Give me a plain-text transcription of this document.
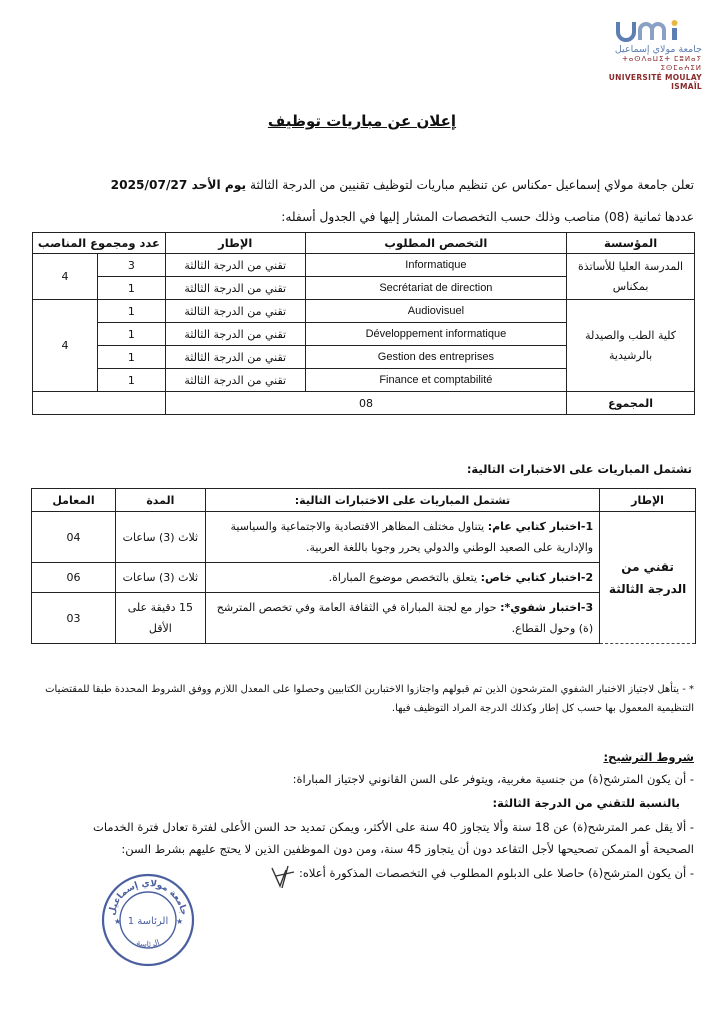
umi
جامعة مولاي إسماعيل
ⵜⴰⵙⴷⴰⵡⵉⵜ ⵎⵓⵍⴰⵢ ⵉⵙⵎⴰⵄⵉⵍ
UNIVERSITÉ MOULAY ISMAÏL
إعلان عن مباريات توظيف
تعلن جامعة مولاي إسماعيل -مكناس عن تنظيم مباريات لتوظيف تقنيين من الدرجة الثالثة يوم الأحد 2025/07/27
عددها ثمانية (08) مناصب وذلك حسب التخصصات المشار إليها في الجدول أسفله:
المؤسسة	التخصص المطلوب	الإطار	عدد ومجموع المناصب	
المدرسة العليا للأساتذة بمكناس	Informatique	تقني من الدرجة الثالثة	3	4
	Secrétariat de direction	تقني من الدرجة الثالثة	1	
كلية الطب والصيدلة بالرشيدية	Audiovisuel	تقني من الدرجة الثالثة	1	4
	Développement informatique	تقني من الدرجة الثالثة	1	
	Gestion des entreprises	تقني من الدرجة الثالثة	1	
	Finance et comptabilité	تقني من الدرجة الثالثة	1	
المجموع	08			
تشتمل المباريات على الاختبارات التالية:
الإطار	تشتمل المباريات على الاختبارات التالية:	المدة	المعامل
تقني من الدرجة الثالثة	1-اختبار كتابي عام: يتناول مختلف المظاهر الاقتصادية والاجتماعية والسياسية والإدارية على الصعيد الوطني والدولي يحرر وجوبا باللغة العربية.	ثلاث (3) ساعات	04
	2-اختبار كتابي خاص: يتعلق بالتخصص موضوع المباراة.	ثلاث (3) ساعات	06
	3-اختبار شفوي*: حوار مع لجنة المباراة في الثقافة العامة وفي تخصص المترشح (ة) وحول القطاع.	15 دقيقة على الأقل	03
* - يتأهل لاجتياز الاختبار الشفوي المترشحون الذين تم قبولهم واجتازوا الاختبارين الكتابيين وحصلوا على المعدل اللازم ووفق الشروط المحددة طبقا للمقتضيات التنظيمية المعمول بها حسب كل إطار وكذلك الدرجة المراد التوظيف فيها.
شروط الترشيح:
- أن يكون المترشح(ة) من جنسية مغربية، ويتوفر على السن القانوني لاجتياز المباراة:
بالنسبة للتقني من الدرجة الثالثة:
- ألا يقل عمر المترشح(ة) عن 18 سنة وألا يتجاوز 40 سنة على الأكثر، ويمكن تمديد حد السن الأعلى لفترة تعادل فترة الخدمات
الصحيحة أو الممكن تصحيحها لأجل التقاعد دون أن يتجاوز 45 سنة، ومن دون الموظفين الذين لا يحتج عليهم بشرط السن:
- أن يكون المترشح(ة) حاصلا على الدبلوم المطلوب في التخصصات المذكورة أعلاه:
جامعة مولاي إسماعيل
الرئاسة 1
الرئاسة
★	★
